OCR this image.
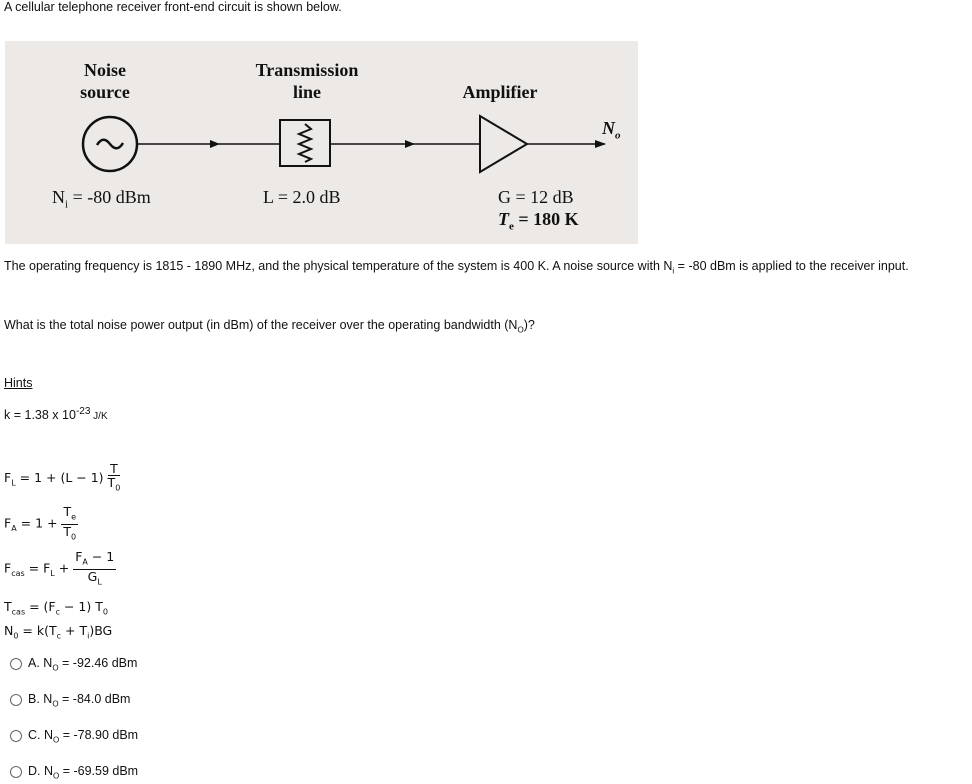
A cellular telephone receiver front-end circuit is shown below.
Noise
source
Transmission
line	Amplifier
$N_o$
$N_i = -80$ dBm	L = 2.0 dB	G = 12 dB
$T_e = 180$ K
The operating frequency is 1815 - 1890 MHz, and the physical temperature of the system is 400 K. A noise source with $N_i = -80$ dBm is applied to the receiver input.
What is the total noise power output (in dBm) of the receiver over the operating bandwidth $(N_O)$?
Hints
k = 1.38 x $10^{-23}$ J/K
$F_L = 1 + (L - 1) \frac{T}{T_0}$
$F_A = 1 + \frac{T_e}{T_0}$
$F_{cas} = F_L + \frac{F_A - 1}{G_L}$
$T_{cas} = (F_c - 1)$ $T_0$
$N_0 = k(T_c + T_i)BG$
A. $N_O = -92.46$ dBm
B. $N_O = -84.0$ dBm
C. $N_O = -78.90$ dBm
D. $N_O = -69.59$ dBm
